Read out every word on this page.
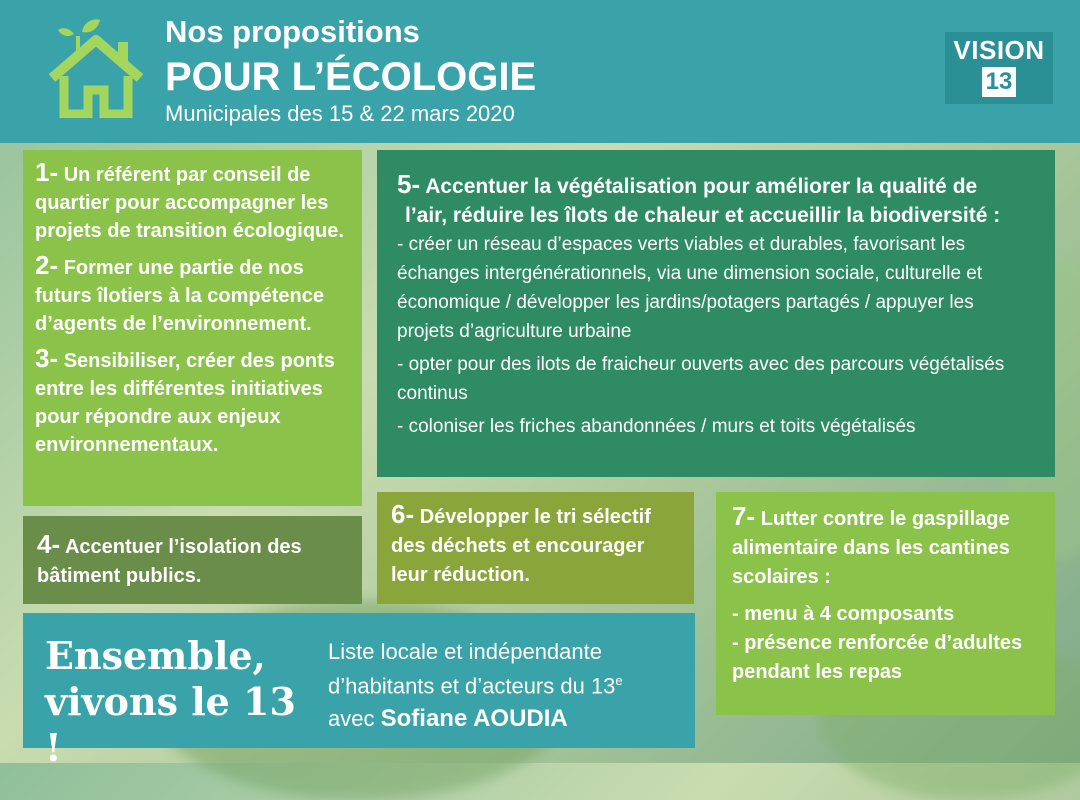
Nos propositions
POUR L’ÉCOLOGIE
Municipales des 15 & 22 mars 2020
VISION
13

1- Un référent par conseil de quartier pour accompagner les projets de transition écologique.

2- Former une partie de nos futurs îlotiers à la compétence d’agents de l’environnement.

3- Sensibiliser, créer des ponts entre les différentes initiatives pour répondre aux enjeux environnementaux.

4- Accentuer l’isolation des bâtiment publics.
5- Accentuer la végétalisation pour améliorer la qualité de
l’air, réduire les îlots de chaleur et accueillir la biodiversité :

- créer un réseau d’espaces verts viables et durables, favorisant les échanges intergénérationnels, via une dimension sociale, culturelle et économique / développer les jardins/potagers partagés / appuyer les projets d’agriculture urbaine

- opter pour des ilots de fraicheur ouverts avec des parcours végétalisés continus

- coloniser les friches abandonnées / murs et toits végétalisés

6- Développer le tri sélectif des déchets et encourager leur réduction.
7- Lutter contre le gaspillage alimentaire dans les cantines scolaires :
- menu à 4 composants
- présence renforcée d’adultes pendant les repas
Ensemble,
vivons le 13 !
Liste locale et indépendante
d’habitants et d’acteurs du 13e
avec Sofiane AOUDIA
